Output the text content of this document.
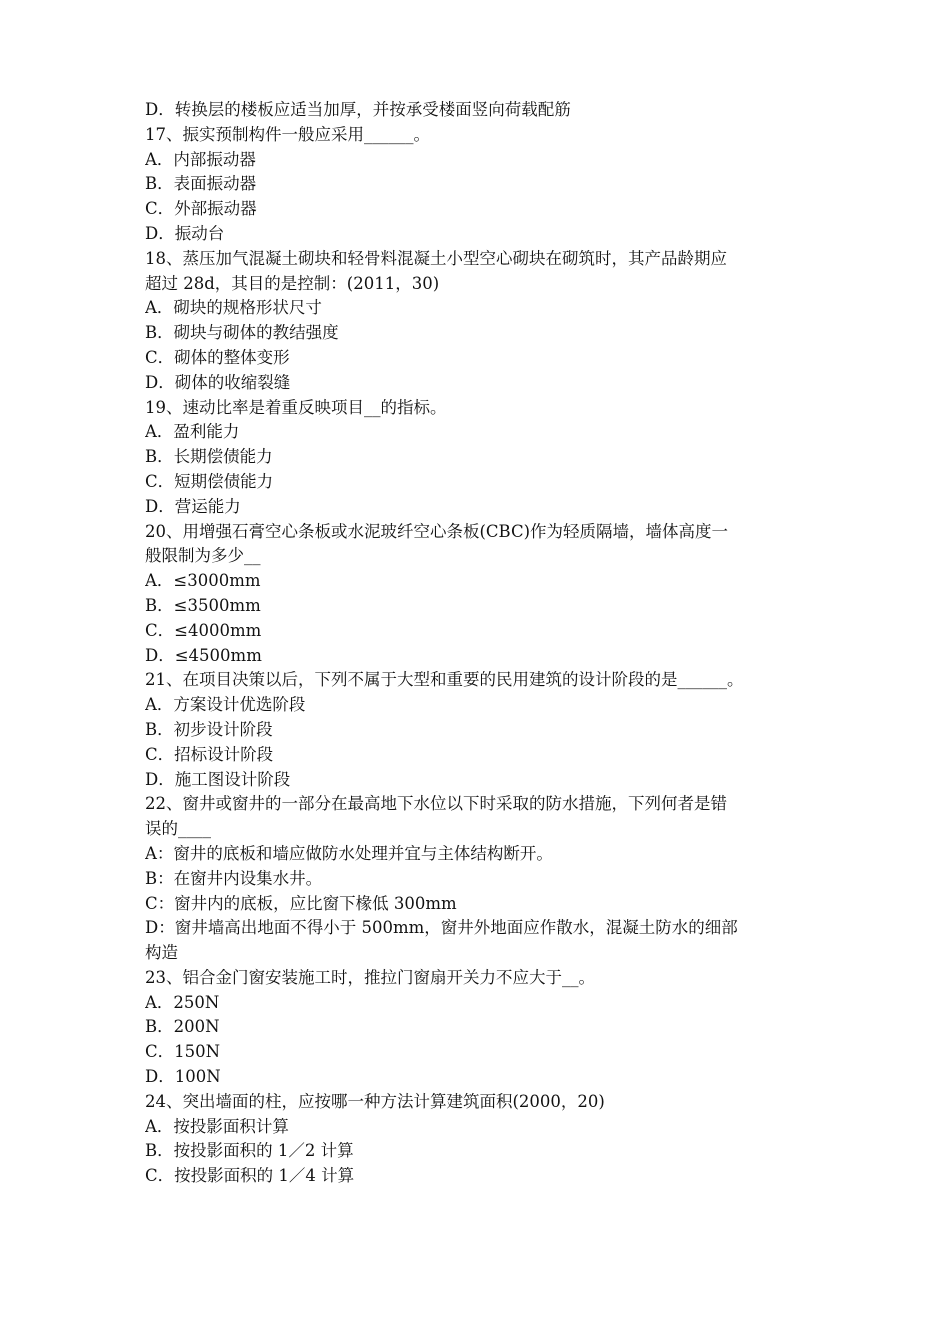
D．转换层的楼板应适当加厚，并按承受楼面竖向荷载配筋
17、振实预制构件一般应采用______。
A．内部振动器
B．表面振动器
C．外部振动器
D．振动台
18、蒸压加气混凝土砌块和轻骨料混凝土小型空心砌块在砌筑时，其产品龄期应
超过 28d，其目的是控制：(2011，30)
A．砌块的规格形状尺寸
B．砌块与砌体的教结强度
C．砌体的整体变形
D．砌体的收缩裂缝
19、速动比率是着重反映项目__的指标。
A．盈利能力
B．长期偿债能力
C．短期偿债能力
D．营运能力
20、用增强石膏空心条板或水泥玻纤空心条板(CBC)作为轻质隔墙，墙体高度一
般限制为多少__
A．≤3000mm
B．≤3500mm
C．≤4000mm
D．≤4500mm
21、在项目决策以后，下列不属于大型和重要的民用建筑的设计阶段的是______。
A．方案设计优选阶段
B．初步设计阶段
C．招标设计阶段
D．施工图设计阶段
22、窗井或窗井的一部分在最高地下水位以下时采取的防水措施，下列何者是错
误的____
A：窗井的底板和墙应做防水处理并宜与主体结构断开。
B：在窗井内设集水井。
C：窗井内的底板，应比窗下椽低 300mm
D：窗井墙高出地面不得小于 500mm，窗井外地面应作散水，混凝土防水的细部
构造
23、铝合金门窗安装施工时，推拉门窗扇开关力不应大于__。
A．250N
B．200N
C．150N
D．100N
24、突出墙面的柱，应按哪一种方法计算建筑面积(2000，20)
A．按投影面积计算
B．按投影面积的 1／2 计算
C．按投影面积的 1／4 计算
